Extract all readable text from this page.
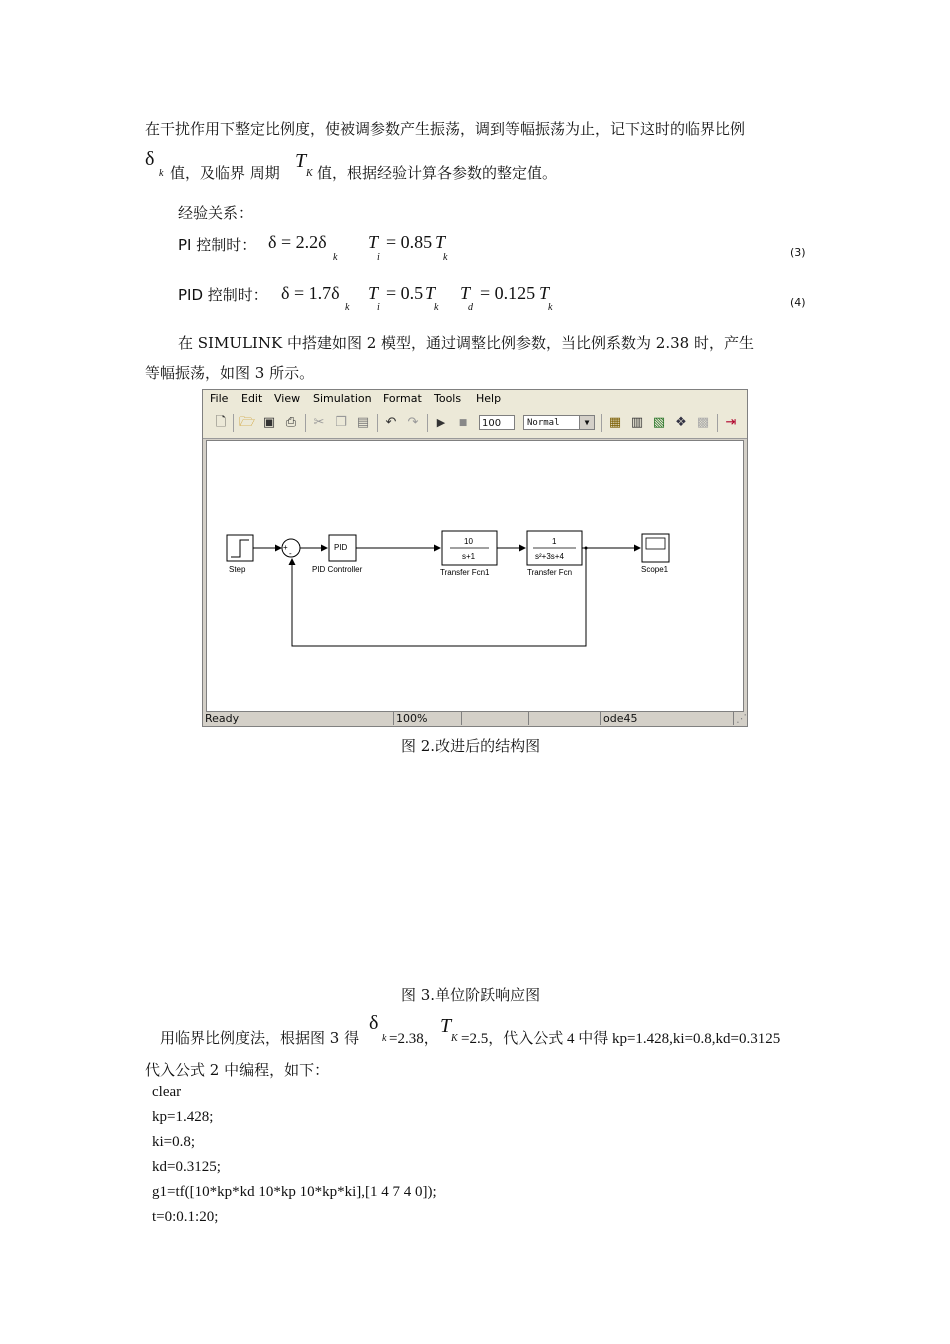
在干扰作用下整定比例度，使被调参数产生振荡，调到等幅振荡为止，记下这时的临界比例
δ
k 值，及临界 周期
T
K 值，根据经验计算各参数的整定值。
经验关系：
PI 控制时： δ = 2.2δ
k
T
i
= 0.85 T
k	(3)
PID 控制时： δ = 1.7δ
k
T
i
= 0.5 T
k
T
d
= 0.125 T
k	(4)
在 SIMULINK 中搭建如图 2 模型，通过调整比例参数，当比例系数为 2.38 时，产生
等幅振荡，如图 3 所示。
File Edit View Simulation Format Tools Help
🗋 🗁 ▣ ⎙ ✂ ❐ ▤ ↶ ↷	▶	■	100	Normal	▼	▦ ▥ ▧ ❖ ▩ ⇥
Step
+
-
PID
PID Controller
10
s+1
Transfer Fcn1
1
s²+3s+4
Transfer Fcn	Scope1
Ready	100%	ode45	⋰
图 2.改进后的结构图
图 3.单位阶跃响应图
用临界比例度法，根据图 3 得
δ
k =2.38，
T
K =2.5，代入公式 4 中得 kp=1.428,ki=0.8,kd=0.3125
代入公式 2 中编程，如下：
clear
kp=1.428;
ki=0.8;
kd=0.3125;
g1=tf([10*kp*kd 10*kp 10*kp*ki],[1 4 7 4 0]);
t=0:0.1:20;
